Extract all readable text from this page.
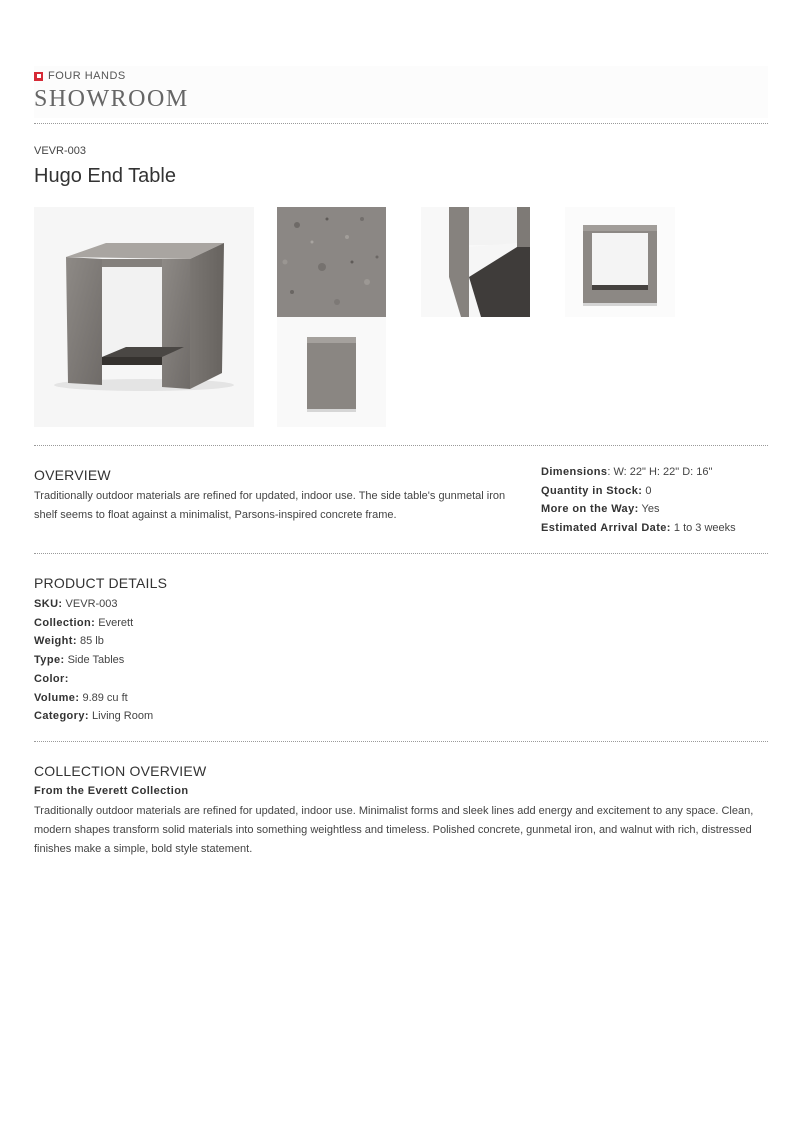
FOUR HANDS
SHOWROOM
VEVR-003
Hugo End Table
OVERVIEW
Traditionally outdoor materials are refined for updated, indoor use. The side table's gunmetal iron shelf seems to float against a minimalist, Parsons-inspired concrete frame.
Dimensions: W: 22" H: 22" D: 16"
Quantity in Stock: 0
More on the Way: Yes
Estimated Arrival Date: 1 to 3 weeks
PRODUCT DETAILS
SKU: VEVR-003
Collection: Everett
Weight: 85 lb
Type: Side Tables
Color:
Volume: 9.89 cu ft
Category: Living Room
COLLECTION OVERVIEW
From the Everett Collection
Traditionally outdoor materials are refined for updated, indoor use. Minimalist forms and sleek lines add energy and excitement to any space. Clean, modern shapes transform solid materials into something weightless and timeless. Polished concrete, gunmetal iron, and walnut with rich, distressed finishes make a simple, bold style statement.
